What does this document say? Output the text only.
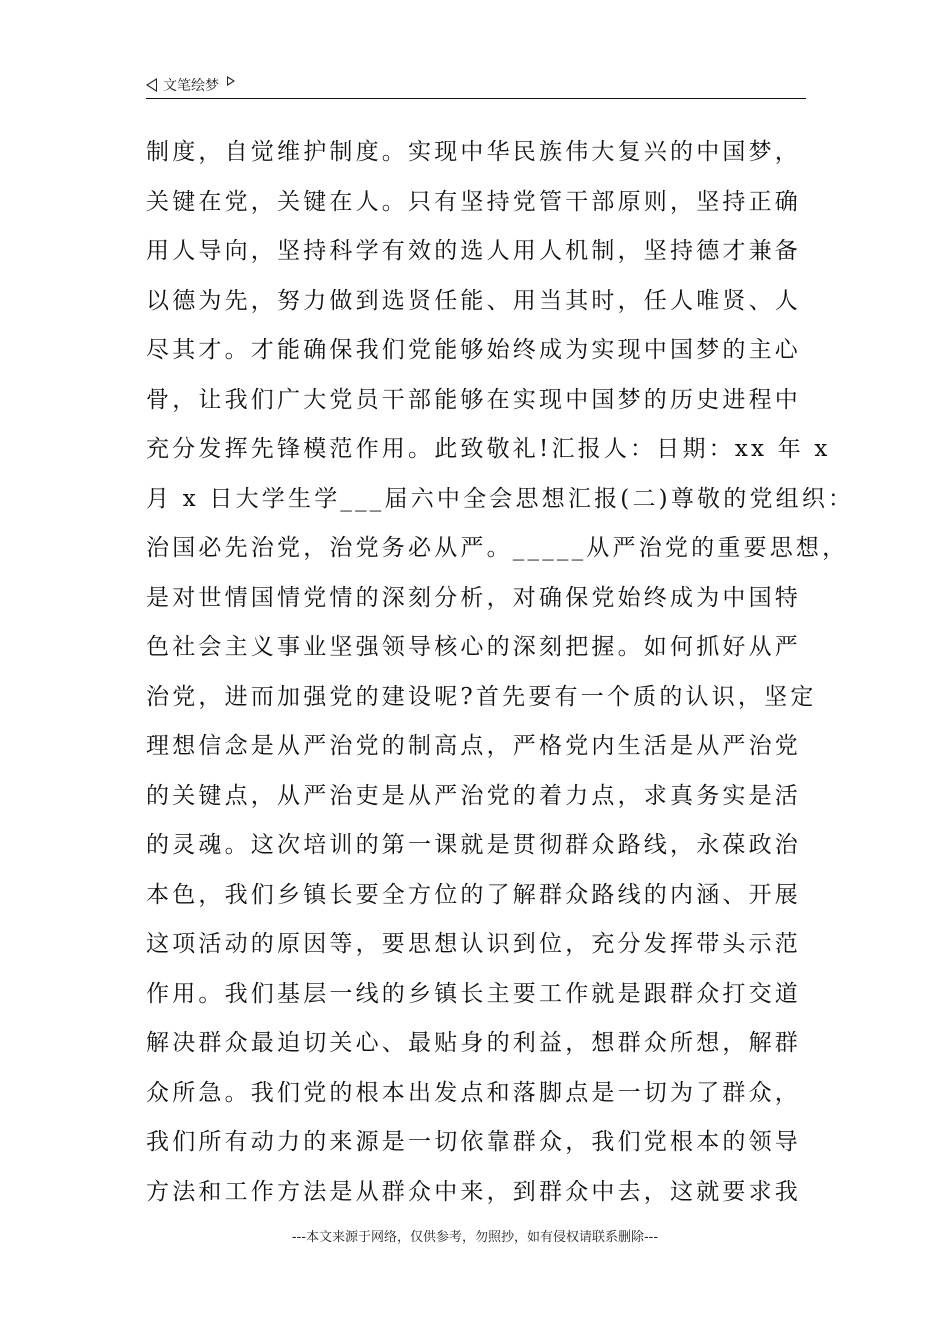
文笔绘梦
制度，自觉维护制度。实现中华民族伟大复兴的中国梦，
关键在党，关键在人。只有坚持党管干部原则，坚持正确
用人导向，坚持科学有效的选人用人机制，坚持德才兼备
以德为先，努力做到选贤任能、用当其时，任人唯贤、人
尽其才。才能确保我们党能够始终成为实现中国梦的主心
骨，让我们广大党员干部能够在实现中国梦的历史进程中
充分发挥先锋模范作用。此致敬礼!汇报人：日期：xx 年 x
月 x 日大学生学___届六中全会思想汇报(二)尊敬的党组织：
治国必先治党，治党务必从严。_____从严治党的重要思想，
是对世情国情党情的深刻分析，对确保党始终成为中国特
色社会主义事业坚强领导核心的深刻把握。如何抓好从严
治党，进而加强党的建设呢?首先要有一个质的认识，坚定
理想信念是从严治党的制高点，严格党内生活是从严治党
的关键点，从严治吏是从严治党的着力点，求真务实是活
的灵魂。这次培训的第一课就是贯彻群众路线，永葆政治
本色，我们乡镇长要全方位的了解群众路线的内涵、开展
这项活动的原因等，要思想认识到位，充分发挥带头示范
作用。我们基层一线的乡镇长主要工作就是跟群众打交道
解决群众最迫切关心、最贴身的利益，想群众所想，解群
众所急。我们党的根本出发点和落脚点是一切为了群众，
我们所有动力的来源是一切依靠群众，我们党根本的领导
方法和工作方法是从群众中来，到群众中去，这就要求我
---本文来源于网络，仅供参考，勿照抄，如有侵权请联系删除---
